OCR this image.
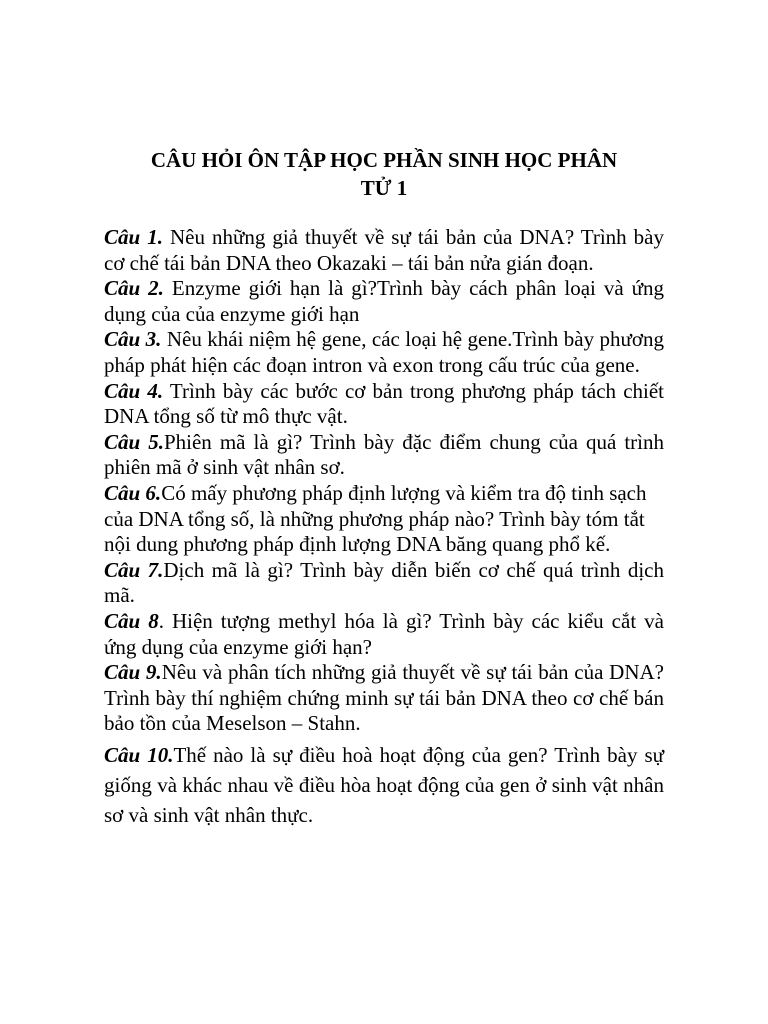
CÂU HỎI ÔN TẬP HỌC PHẦN SINH HỌC PHÂN
TỬ 1

Câu 1. Nêu những giả thuyết về sự tái bản của DNA? Trình bày cơ chế tái bản DNA theo Okazaki – tái bản nửa gián đoạn.

Câu 2. Enzyme giới hạn là gì?Trình bày cách phân loại và ứng dụng của của enzyme giới hạn

Câu 3. Nêu khái niệm hệ gene, các loại hệ gene.Trình bày phương pháp phát hiện các đoạn intron và exon trong cấu trúc của gene.

Câu 4. Trình bày các bước cơ bản trong phương pháp tách chiết DNA tổng số từ mô thực vật.

Câu 5.Phiên mã là gì? Trình bày đặc điểm chung của quá trình phiên mã ở sinh vật nhân sơ.

Câu 6.Có mấy phương pháp định lượng và kiểm tra độ tinh sạch của DNA tổng số, là những phương pháp nào? Trình bày tóm tắt nội dung phương pháp định lượng DNA băng quang phổ kế.

Câu 7.Dịch mã là gì? Trình bày diễn biến cơ chế quá trình dịch mã.

Câu 8. Hiện tượng methyl hóa là gì? Trình bày các kiểu cắt và ứng dụng của enzyme giới hạn?

Câu 9.Nêu và phân tích những giả thuyết về sự tái bản của DNA? Trình bày thí nghiệm chứng minh sự tái bản DNA theo cơ chế bán bảo tồn của Meselson – Stahn.

Câu 10.Thế nào là sự điều hoà hoạt động của gen? Trình bày sự giống và khác nhau về điều hòa hoạt động của gen ở sinh vật nhân sơ và sinh vật nhân thực.
